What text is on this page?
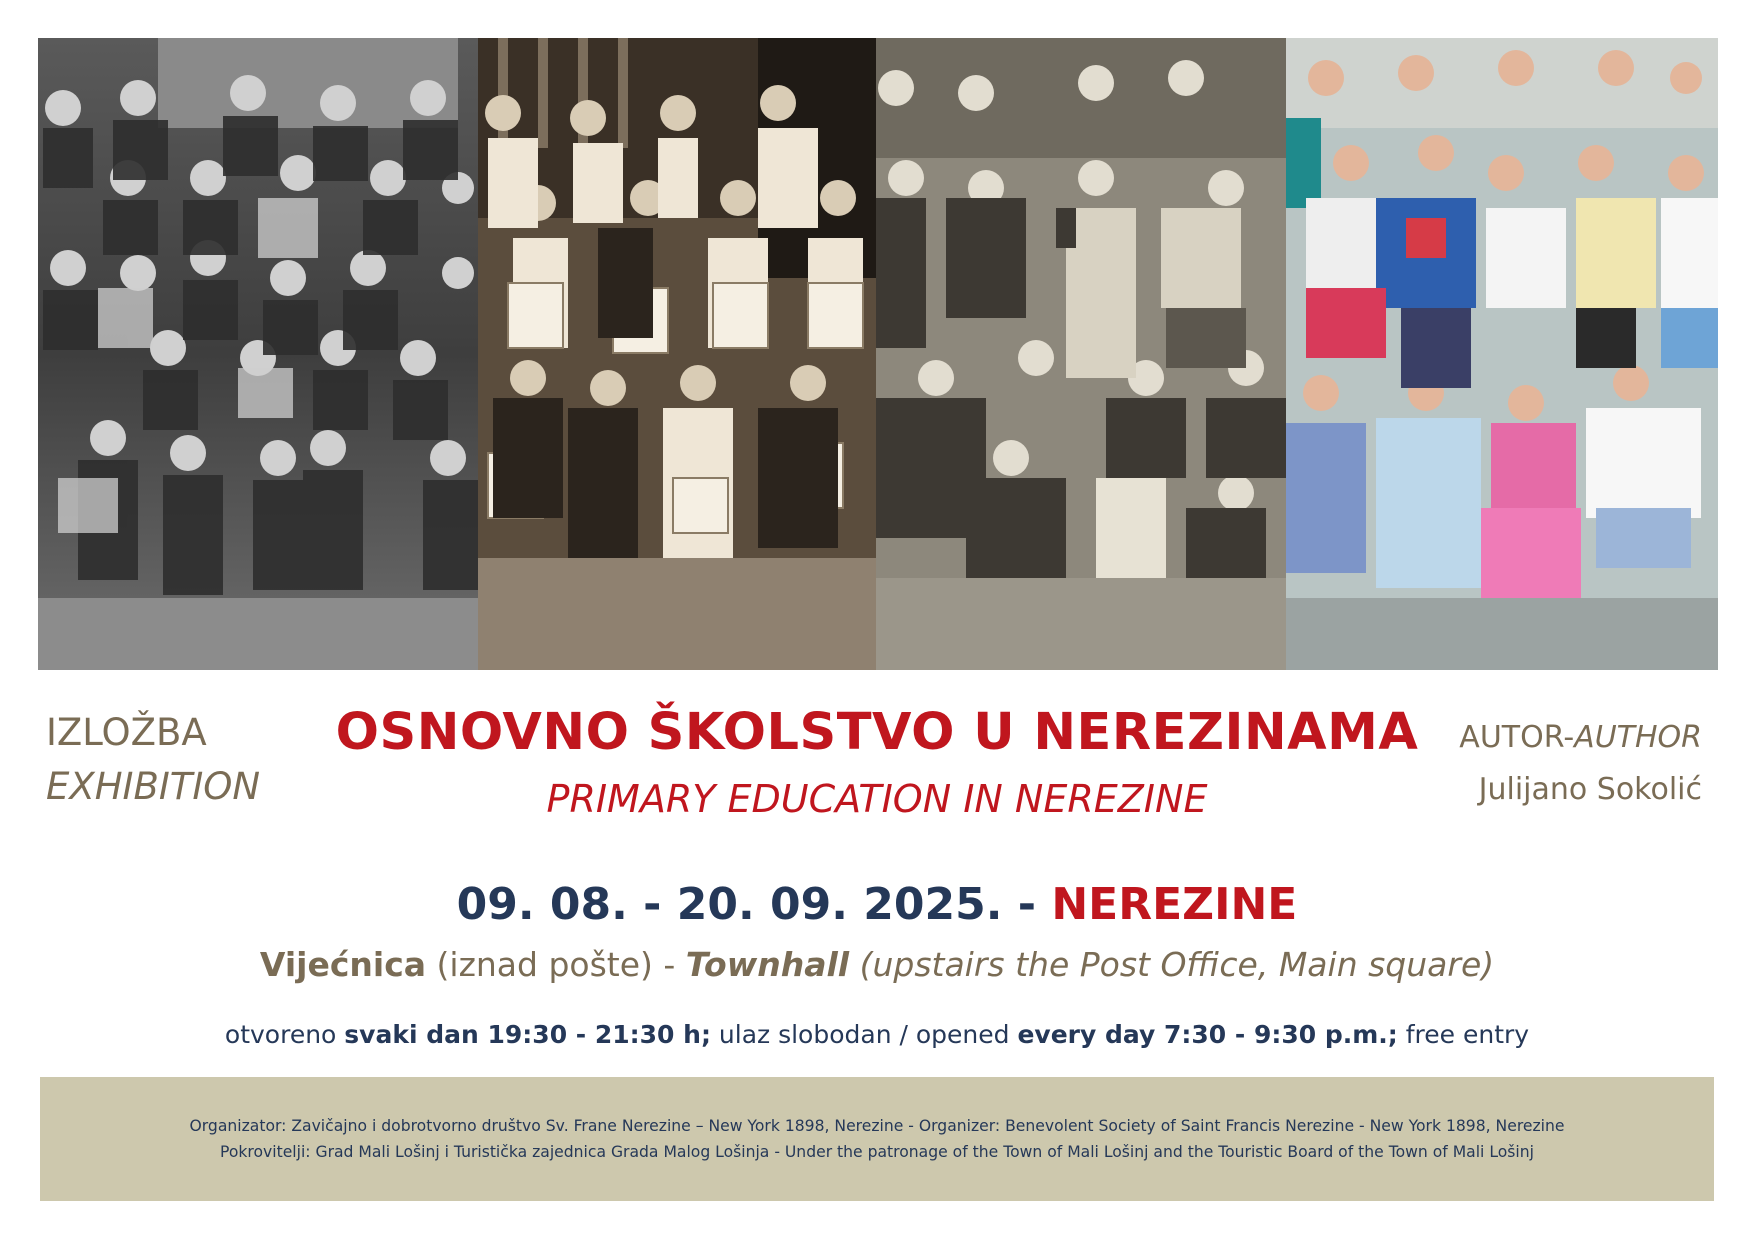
IZLOŽBA
EXHIBITION
OSNOVNO ŠKOLSTVO U NEREZINAMA
PRIMARY EDUCATION IN NEREZINE
AUTOR-AUTHOR
Julijano Sokolić
09. 08. - 20. 09. 2025. - NEREZINE
Vijećnica (iznad pošte) - Townhall (upstairs the Post Office, Main square)
otvoreno svaki dan 19:30 - 21:30 h; ulaz slobodan / opened every day 7:30 - 9:30 p.m.; free entry
Organizator: Zavičajno i dobrotvorno društvo Sv. Frane Nerezine – New York 1898, Nerezine - Organizer: Benevolent Society of Saint Francis Nerezine - New York 1898, Nerezine
Pokrovitelji: Grad Mali Lošinj i Turistička zajednica Grada Malog Lošinja - Under the patronage of the Town of Mali Lošinj and the Touristic Board of the Town of Mali Lošinj
